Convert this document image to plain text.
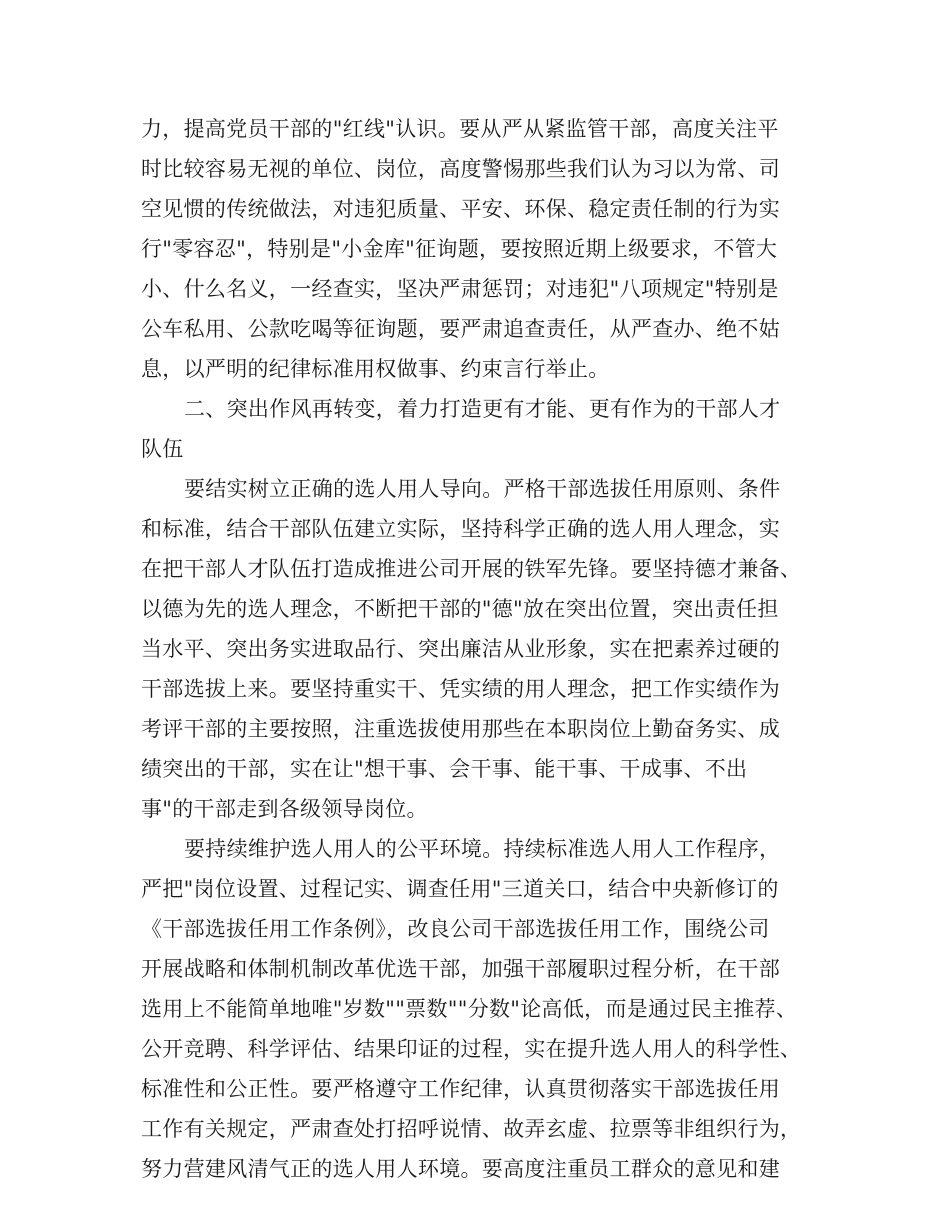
力，提高党员干部的"红线"认识。要从严从紧监管干部，高度关注平
时比较容易无视的单位、岗位，高度警惕那些我们认为习以为常、司
空见惯的传统做法，对违犯质量、平安、环保、稳定责任制的行为实
行"零容忍"，特别是"小金库"征询题，要按照近期上级要求，不管大
小、什么名义，一经查实，坚决严肃惩罚；对违犯"八项规定"特别是
公车私用、公款吃喝等征询题，要严肃追查责任，从严查办、绝不姑
息，以严明的纪律标准用权做事、约束言行举止。
二、突出作风再转变，着力打造更有才能、更有作为的干部人才
队伍
要结实树立正确的选人用人导向。严格干部选拔任用原则、条件
和标准，结合干部队伍建立实际，坚持科学正确的选人用人理念，实
在把干部人才队伍打造成推进公司开展的铁军先锋。要坚持德才兼备、
以德为先的选人理念，不断把干部的"德"放在突出位置，突出责任担
当水平、突出务实进取品行、突出廉洁从业形象，实在把素养过硬的
干部选拔上来。要坚持重实干、凭实绩的用人理念，把工作实绩作为
考评干部的主要按照，注重选拔使用那些在本职岗位上勤奋务实、成
绩突出的干部，实在让"想干事、会干事、能干事、干成事、不出
事"的干部走到各级领导岗位。
要持续维护选人用人的公平环境。持续标准选人用人工作程序，
严把"岗位设置、过程记实、调查任用"三道关口，结合中央新修订的
《干部选拔任用工作条例》，改良公司干部选拔任用工作，围绕公司
开展战略和体制机制改革优选干部，加强干部履职过程分析，在干部
选用上不能简单地唯"岁数""票数""分数"论高低，而是通过民主推荐、
公开竞聘、科学评估、结果印证的过程，实在提升选人用人的科学性、
标准性和公正性。要严格遵守工作纪律，认真贯彻落实干部选拔任用
工作有关规定，严肃查处打招呼说情、故弄玄虚、拉票等非组织行为，
努力营建风清气正的选人用人环境。要高度注重员工群众的意见和建
